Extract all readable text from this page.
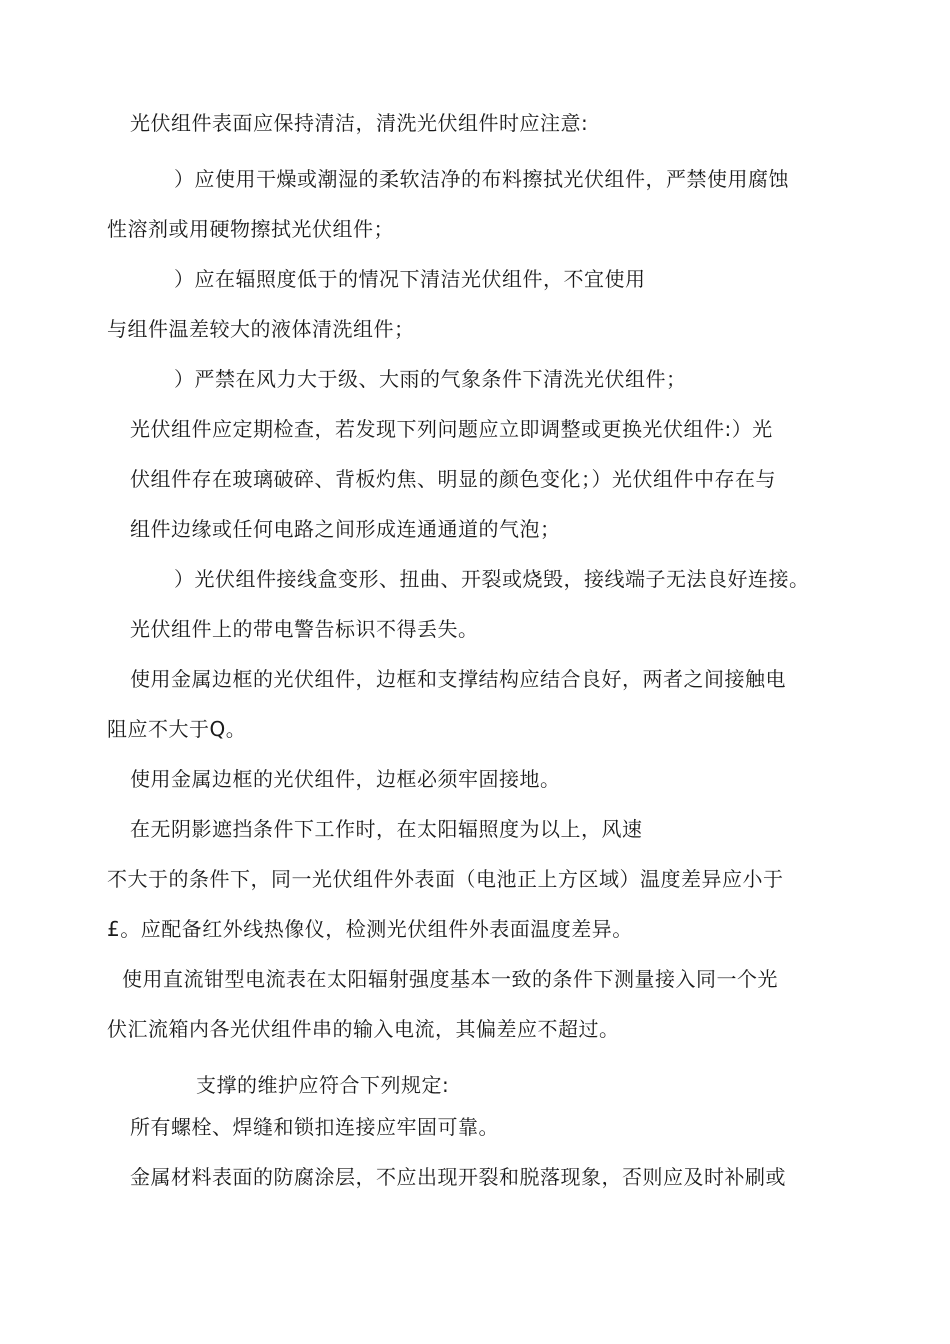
光伏组件表面应保持清洁，清洗光伏组件时应注意:
）应使用干燥或潮湿的柔软洁净的布料擦拭光伏组件，严禁使用腐蚀
性溶剂或用硬物擦拭光伏组件；
）应在辐照度低于的情况下清洁光伏组件，不宜使用
与组件温差较大的液体清洗组件；
）严禁在风力大于级、大雨的气象条件下清洗光伏组件；
光伏组件应定期检查，若发现下列问题应立即调整或更换光伏组件:）光
伏组件存在玻璃破碎、背板灼焦、明显的颜色变化；）光伏组件中存在与
组件边缘或任何电路之间形成连通通道的气泡；
）光伏组件接线盒变形、扭曲、开裂或烧毁，接线端子无法良好连接。
光伏组件上的带电警告标识不得丢失。
使用金属边框的光伏组件，边框和支撑结构应结合良好，两者之间接触电
阻应不大于Q。
使用金属边框的光伏组件，边框必须牢固接地。
在无阴影遮挡条件下工作时，在太阳辐照度为以上，风速
不大于的条件下，同一光伏组件外表面（电池正上方区域）温度差异应小于
£。应配备红外线热像仪，检测光伏组件外表面温度差异。
使用直流钳型电流表在太阳辐射强度基本一致的条件下测量接入同一个光
伏汇流箱内各光伏组件串的输入电流，其偏差应不超过。
支撑的维护应符合下列规定:
所有螺栓、焊缝和锁扣连接应牢固可靠。
金属材料表面的防腐涂层，不应出现开裂和脱落现象，否则应及时补刷或
